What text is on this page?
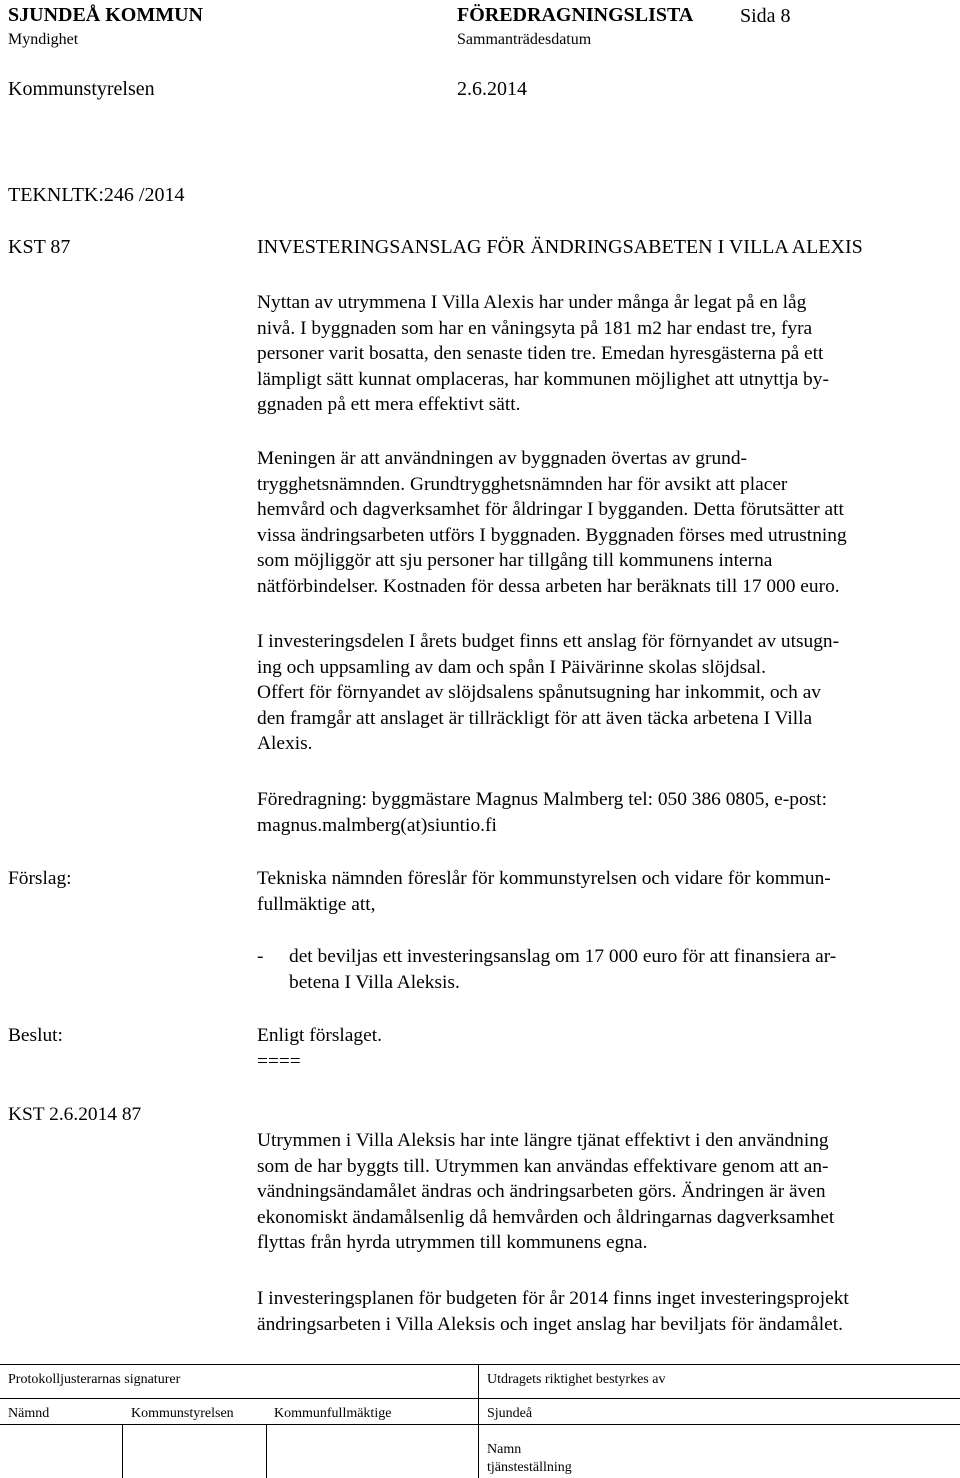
SJUNDEÅ KOMMUN	FÖREDRAGNINGSLISTA Sida 8
Myndighet	Sammanträdesdatum
Kommunstyrelsen	2.6.2014
TEKNLTK:246 /2014
KST 87	INVESTERINGSANSLAG FÖR ÄNDRINGSABETEN I VILLA ALEXIS
Nyttan av utrymmena I Villa Alexis har under många år legat på en låg
nivå. I byggnaden som har en våningsyta på 181 m2 har endast tre, fyra
personer varit bosatta, den senaste tiden tre. Emedan hyresgästerna på ett
lämpligt sätt kunnat omplaceras, har kommunen möjlighet att utnyttja by-
ggnaden på ett mera effektivt sätt.
Meningen är att användningen av byggnaden övertas av grund-
trygghetsnämnden. Grundtrygghetsnämnden har för avsikt att placer
hemvård och dagverksamhet för åldringar I bygganden. Detta förutsätter att
vissa ändringsarbeten utförs I byggnaden. Byggnaden förses med utrustning
som möjliggör att sju personer har tillgång till kommunens interna
nätförbindelser. Kostnaden för dessa arbeten har beräknats till 17 000 euro.
I investeringsdelen I årets budget finns ett anslag för förnyandet av utsugn-
ing och uppsamling av dam och spån I Päivärinne skolas slöjdsal.
Offert för förnyandet av slöjdsalens spånutsugning har inkommit, och av
den framgår att anslaget är tillräckligt för att även täcka arbetena I Villa
Alexis.
Föredragning: byggmästare Magnus Malmberg tel: 050 386 0805, e-post:
magnus.malmberg(at)siuntio.fi
Förslag:	Tekniska nämnden föreslår för kommunstyrelsen och vidare för kommun-
fullmäktige att,
- det beviljas ett investeringsanslag om 17 000 euro för att finansiera ar-
betena I Villa Aleksis.
Beslut:	Enligt förslaget.
====
KST 2.6.2014 87
Utrymmen i Villa Aleksis har inte längre tjänat effektivt i den användning
som de har byggts till. Utrymmen kan användas effektivare genom att an-
vändningsändamålet ändras och ändringsarbeten görs. Ändringen är även
ekonomiskt ändamålsenlig då hemvården och åldringarnas dagverksamhet
flyttas från hyrda utrymmen till kommunens egna.
I investeringsplanen för budgeten för år 2014 finns inget investeringsprojekt
ändringsarbeten i Villa Aleksis och inget anslag har beviljats för ändamålet.
Protokolljusterarnas signaturer	Utdragets riktighet bestyrkes av
Nämnd	Kommunstyrelsen	Kommunfullmäktige	Sjundeå
Namn
tjänsteställning
